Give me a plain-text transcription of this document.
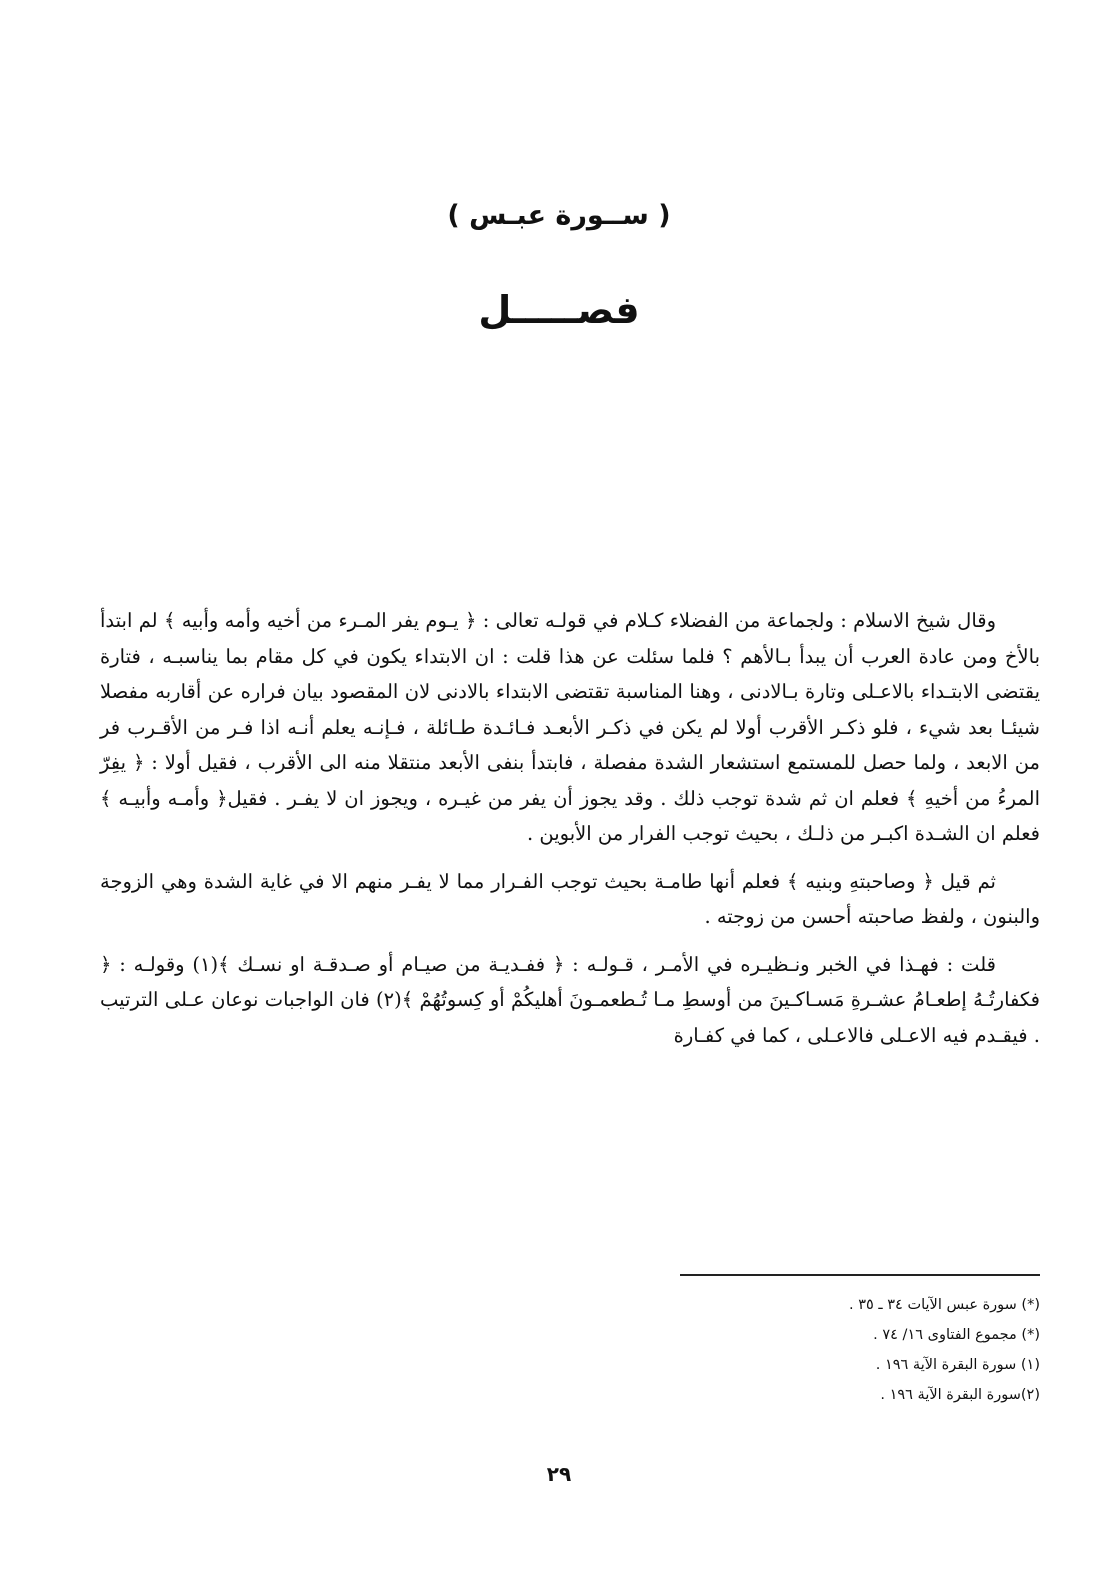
( ســورة عبـس )
فصـــــل

وقال شيخ الاسلام : ولجماعة من الفضلاء كـلام في قولـه تعالى : ﴿ يـوم يفر المـرء من أخيه وأمه وأبيه ﴾ لم ابتدأ بالأخ ومن عادة العرب أن يبدأ بـالأهم ؟ فلما سئلت عن هذا قلت : ان الابتداء يكون في كل مقام بما يناسبـه ، فتارة يقتضى الابتـداء بالاعـلى وتارة بـالادنى ، وهنا المناسبة تقتضى الابتداء بالادنى لان المقصود بيان فراره عن أقاربه مفصلا شيئـا بعد شيء ، فلو ذكـر الأقرب أولا لم يكن في ذكـر الأبعـد فـائـدة طـائلة ، فـإنـه يعلم أنـه اذا فـر من الأقـرب فر من الابعد ، ولما حصل للمستمع استشعار الشدة مفصلة ، فابتدأ بنفى الأبعد منتقلا منه الى الأقرب ، فقيل أولا : ﴿ يفِرّ المرءُ من أخيهِ ﴾ فعلم ان ثم شدة توجب ذلك . وقد يجوز أن يفر من غيـره ، ويجوز ان لا يفـر . فقيل﴿ وأمـه وأبيـه ﴾فعلم ان الشـدة اكبـر من ذلـك ، بحيث توجب الفرار من الأبوين .

ثم قيل ﴿ وصاحبتهِ وبنيه ﴾ فعلم أنها طامـة بحيث توجب الفـرار مما لا يفـر منهم الا في غاية الشدة وهي الزوجة والبنون ، ولفظ صاحبته أحسن من زوجته .

قلت : فهـذا في الخبر ونـظيـره في الأمـر ، قـولـه : ﴿ ففـديـة من صيـام أو صـدقـة او نسـك ﴾(١) وقولـه : ﴿ فكفارتُـهُ إطعـامُ عشـرةِ مَسـاكـينَ من أوسطِ مـا تُـطعمـونَ أهليكُمْ أو كِسوتُهُمْ ﴾(٢) فان الواجبات نوعان عـلى الترتيب . فيقـدم فيه الاعـلى فالاعـلى ، كما في كفـارة

(*) سورة عبس الآيات ٣٤ ـ ٣٥ .
(*) مجموع الفتاوى ١٦/ ٧٤ .
(١) سورة البقرة الآية ١٩٦ .
(٢)سورة البقرة الآية ١٩٦ .
٢٩
